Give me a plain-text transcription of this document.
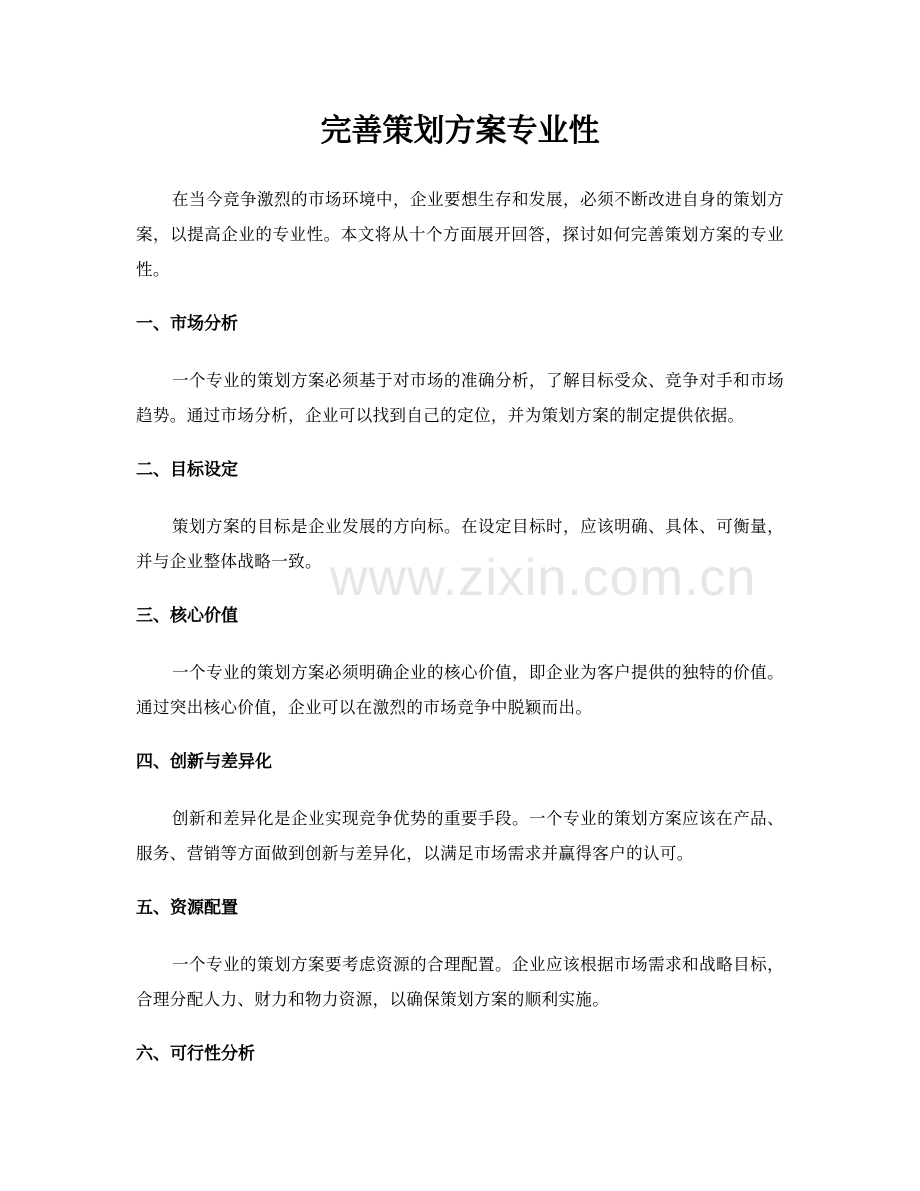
完善策划方案专业性

在当今竞争激烈的市场环境中，企业要想生存和发展，必须不断改进自身的策划方案，以提高企业的专业性。本文将从十个方面展开回答，探讨如何完善策划方案的专业性。

一、市场分析

一个专业的策划方案必须基于对市场的准确分析，了解目标受众、竞争对手和市场趋势。通过市场分析，企业可以找到自己的定位，并为策划方案的制定提供依据。

二、目标设定

策划方案的目标是企业发展的方向标。在设定目标时，应该明确、具体、可衡量，并与企业整体战略一致。

三、核心价值

一个专业的策划方案必须明确企业的核心价值，即企业为客户提供的独特的价值。通过突出核心价值，企业可以在激烈的市场竞争中脱颖而出。

四、创新与差异化

创新和差异化是企业实现竞争优势的重要手段。一个专业的策划方案应该在产品、服务、营销等方面做到创新与差异化，以满足市场需求并赢得客户的认可。

五、资源配置

一个专业的策划方案要考虑资源的合理配置。企业应该根据市场需求和战略目标，合理分配人力、财力和物力资源，以确保策划方案的顺利实施。

六、可行性分析
www.zixin.com.cn
